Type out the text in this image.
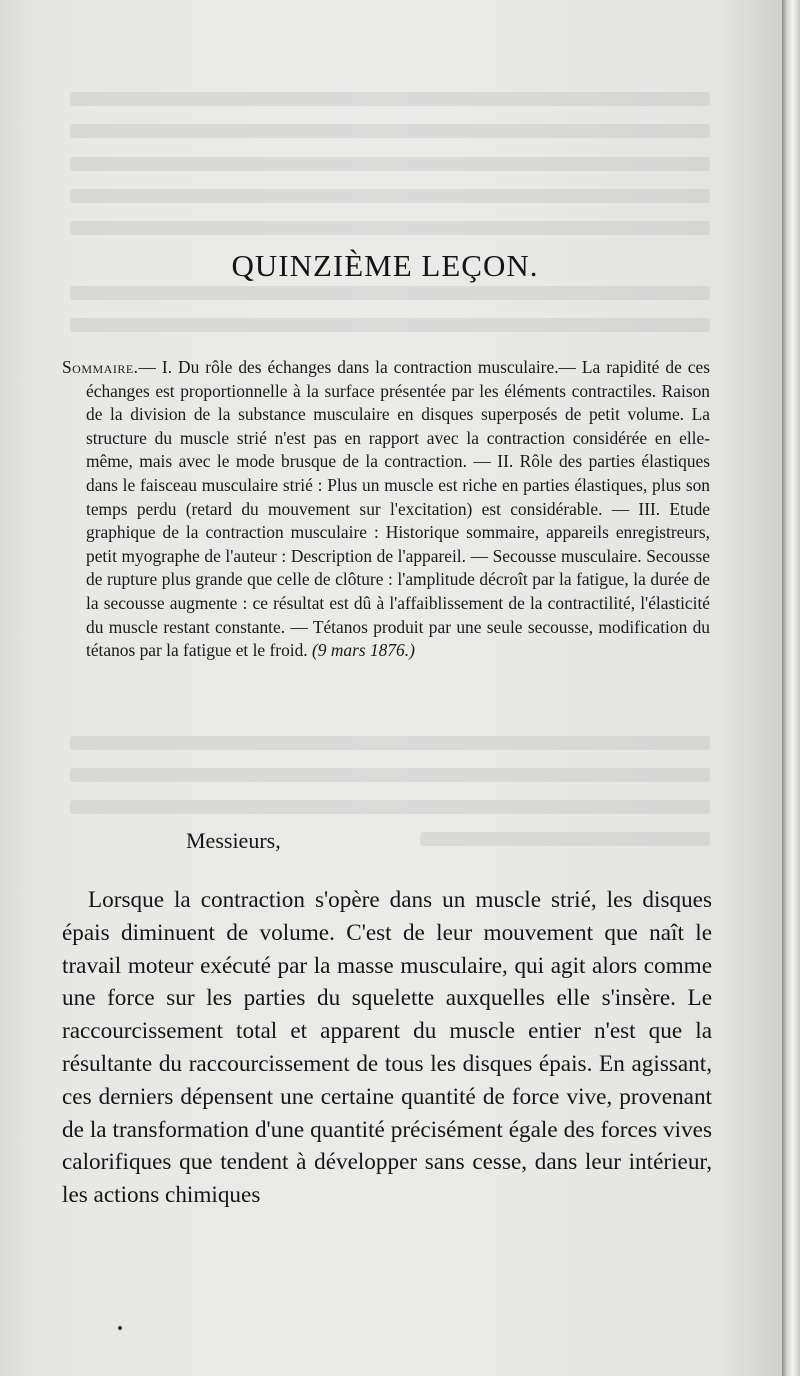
QUINZIÈME LEÇON.
Sommaire.— I. Du rôle des échanges dans la contraction musculaire.— La rapidité de ces échanges est proportionnelle à la surface présentée par les éléments contractiles. Raison de la division de la substance musculaire en disques superposés de petit volume. La structure du muscle strié n'est pas en rapport avec la contraction considérée en elle-même, mais avec le mode brusque de la contraction. — II. Rôle des parties élastiques dans le faisceau musculaire strié : Plus un muscle est riche en parties élastiques, plus son temps perdu (retard du mouvement sur l'excitation) est considérable. — III. Etude graphique de la contraction musculaire : Historique sommaire, appareils enregistreurs, petit myographe de l'auteur : Description de l'appareil. — Secousse musculaire. Secousse de rupture plus grande que celle de clôture : l'amplitude décroît par la fatigue, la durée de la secousse augmente : ce résultat est dû à l'affaiblissement de la contractilité, l'élasticité du muscle restant constante. — Tétanos produit par une seule secousse, modification du tétanos par la fatigue et le froid. (9 mars 1876.)
Messieurs,
Lorsque la contraction s'opère dans un muscle strié, les disques épais diminuent de volume. C'est de leur mouvement que naît le travail moteur exécuté par la masse musculaire, qui agit alors comme une force sur les parties du squelette auxquelles elle s'insère. Le raccourcissement total et apparent du muscle entier n'est que la résultante du raccourcissement de tous les disques épais. En agissant, ces derniers dépensent une certaine quantité de force vive, provenant de la transformation d'une quantité précisément égale des forces vives calorifiques que tendent à développer sans cesse, dans leur intérieur, les actions chimiques
